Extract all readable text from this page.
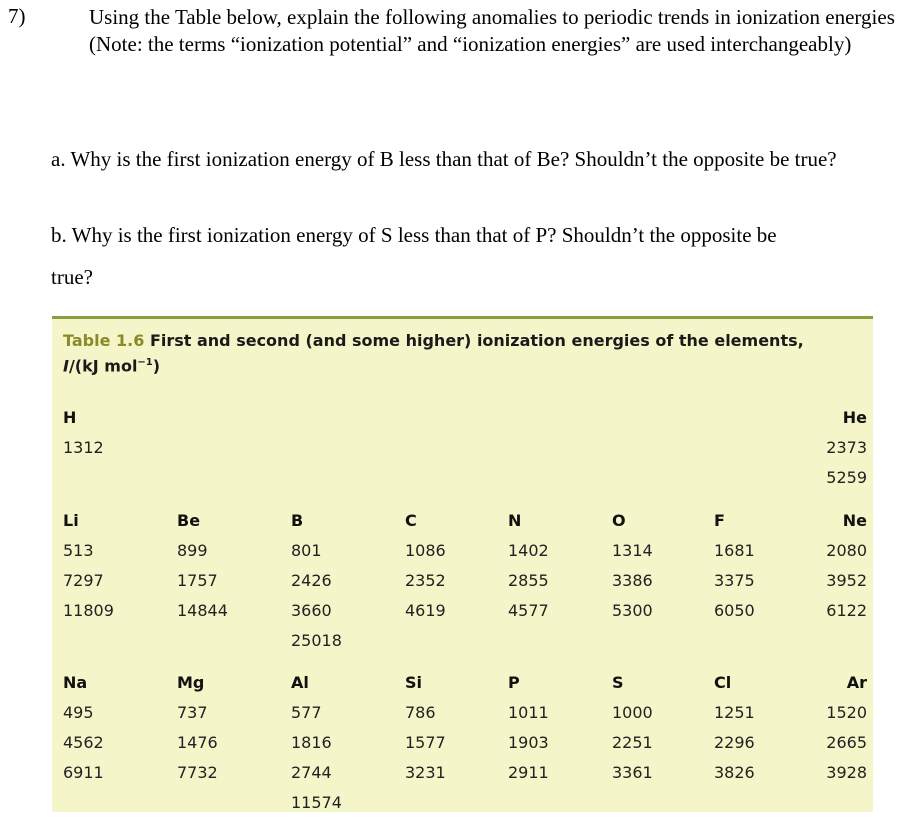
7)	Using the Table below, explain the following anomalies to periodic trends in ionization energies (Note: the terms “ionization potential” and “ionization energies” are used interchangeably)
a. Why is the first ionization energy of B less than that of Be? Shouldn’t the opposite be true?
b. Why is the first ionization energy of S less than that of P? Shouldn’t the opposite be
true?
Table 1.6 First and second (and some higher) ionization energies of the elements,
I/(kJ mol$^{-1}$)
H
1312
He
2373
5259
Li
513
7297
11809
Be
899
1757
14844
B
801
2426
3660
25018
C
1086
2352
4619
N
1402
2855
4577
O
1314
3386
5300
F
1681
3375
6050
Ne
2080
3952
6122
Na
495
4562
6911
Mg
737
1476
7732
Al
577
1816
2744
11574
Si
786
1577
3231
P
1011
1903
2911
S
1000
2251
3361
Cl
1251
2296
3826
Ar
1520
2665
3928
